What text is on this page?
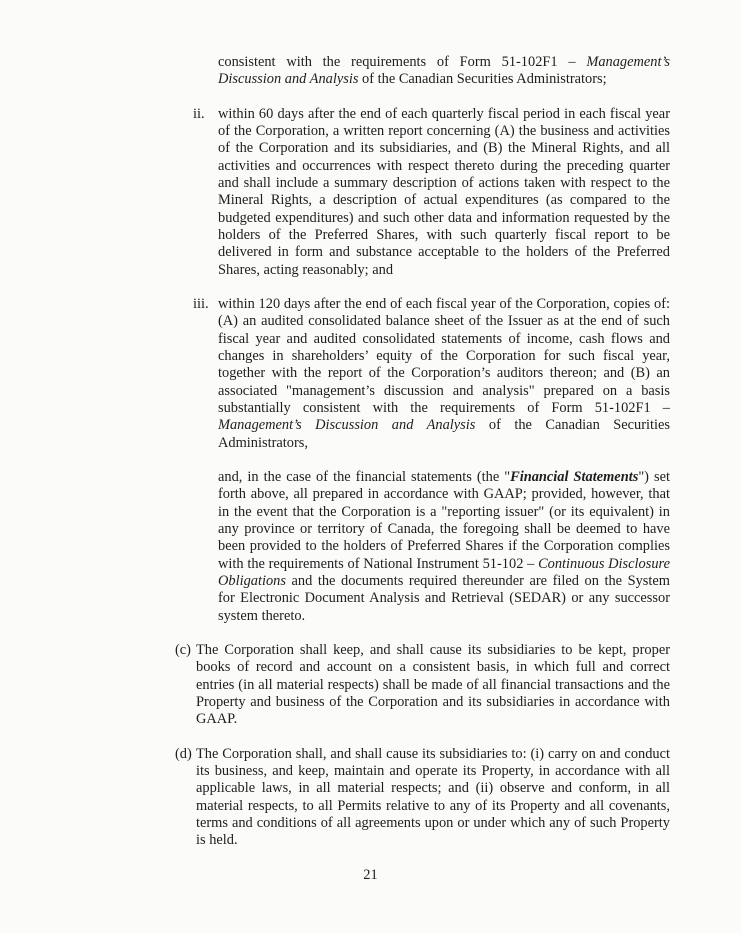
consistent with the requirements of Form 51-102F1 – Management’s Discussion and Analysis of the Canadian Securities Administrators;

ii. within 60 days after the end of each quarterly fiscal period in each fiscal year of the Corporation, a written report concerning (A) the business and activities of the Corporation and its subsidiaries, and (B) the Mineral Rights, and all activities and occurrences with respect thereto during the preceding quarter and shall include a summary description of actions taken with respect to the Mineral Rights, a description of actual expenditures (as compared to the budgeted expenditures) and such other data and information requested by the holders of the Preferred Shares, with such quarterly fiscal report to be delivered in form and substance acceptable to the holders of the Preferred Shares, acting reasonably; and

iii. within 120 days after the end of each fiscal year of the Corporation, copies of: (A) an audited consolidated balance sheet of the Issuer as at the end of such fiscal year and audited consolidated statements of income, cash flows and changes in shareholders’ equity of the Corporation for such fiscal year, together with the report of the Corporation’s auditors thereon; and (B) an associated "management’s discussion and analysis" prepared on a basis substantially consistent with the requirements of Form 51-102F1 – Management’s Discussion and Analysis of the Canadian Securities Administrators,

and, in the case of the financial statements (the "Financial Statements") set forth above, all prepared in accordance with GAAP; provided, however, that in the event that the Corporation is a "reporting issuer" (or its equivalent) in any province or territory of Canada, the foregoing shall be deemed to have been provided to the holders of Preferred Shares if the Corporation complies with the requirements of National Instrument 51-102 – Continuous Disclosure Obligations and the documents required thereunder are filed on the System for Electronic Document Analysis and Retrieval (SEDAR) or any successor system thereto.

(c) The Corporation shall keep, and shall cause its subsidiaries to be kept, proper books of record and account on a consistent basis, in which full and correct entries (in all material respects) shall be made of all financial transactions and the Property and business of the Corporation and its subsidiaries in accordance with GAAP.

(d) The Corporation shall, and shall cause its subsidiaries to: (i) carry on and conduct its business, and keep, maintain and operate its Property, in accordance with all applicable laws, in all material respects; and (ii) observe and conform, in all material respects, to all Permits relative to any of its Property and all covenants, terms and conditions of all agreements upon or under which any of such Property is held.

21
